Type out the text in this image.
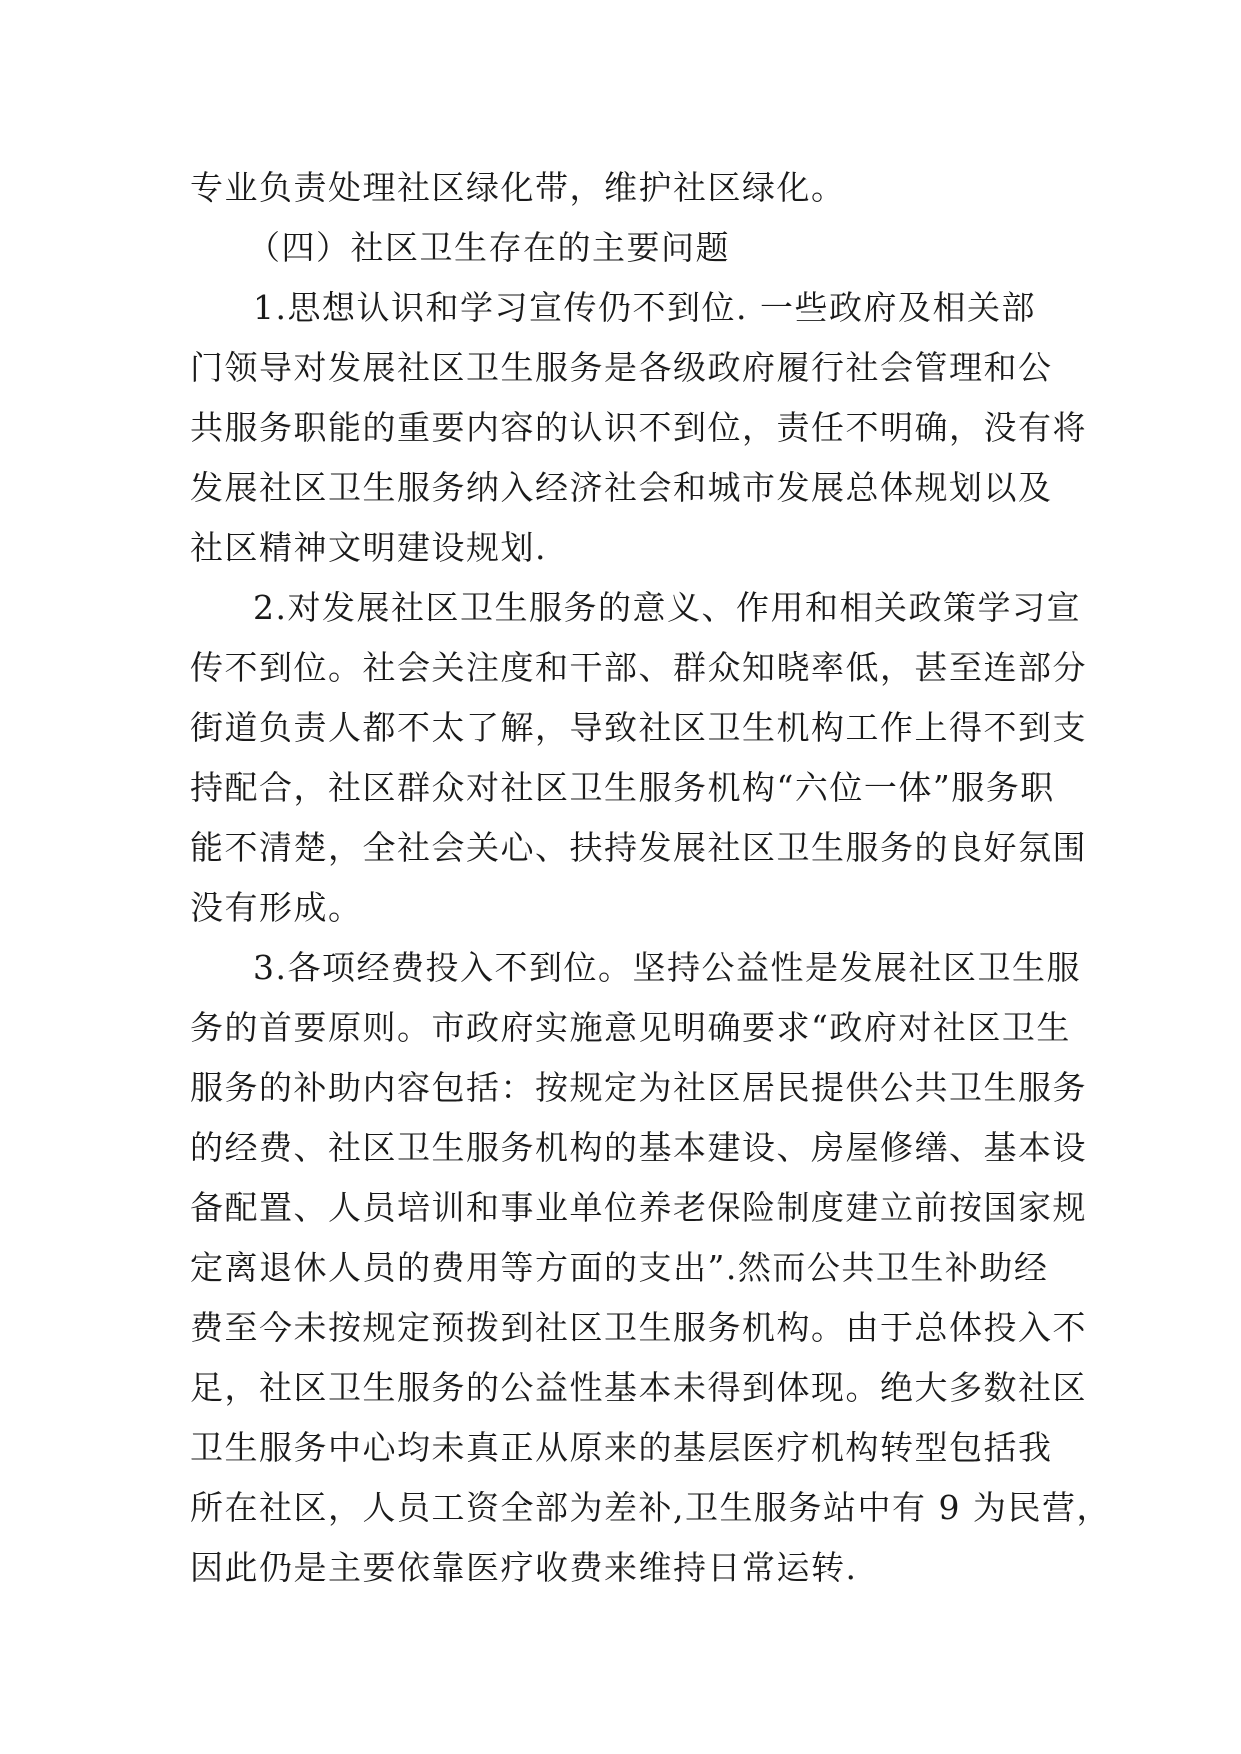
专业负责处理社区绿化带，维护社区绿化。
（四）社区卫生存在的主要问题
1.思想认识和学习宣传仍不到位. 一些政府及相关部
门领导对发展社区卫生服务是各级政府履行社会管理和公
共服务职能的重要内容的认识不到位，责任不明确，没有将
发展社区卫生服务纳入经济社会和城市发展总体规划以及
社区精神文明建设规划.
2.对发展社区卫生服务的意义、作用和相关政策学习宣
传不到位。社会关注度和干部、群众知晓率低，甚至连部分
街道负责人都不太了解，导致社区卫生机构工作上得不到支
持配合，社区群众对社区卫生服务机构“六位一体”服务职
能不清楚，全社会关心、扶持发展社区卫生服务的良好氛围
没有形成。
3.各项经费投入不到位。坚持公益性是发展社区卫生服
务的首要原则。市政府实施意见明确要求“政府对社区卫生
服务的补助内容包括：按规定为社区居民提供公共卫生服务
的经费、社区卫生服务机构的基本建设、房屋修缮、基本设
备配置、人员培训和事业单位养老保险制度建立前按国家规
定离退休人员的费用等方面的支出”.然而公共卫生补助经
费至今未按规定预拨到社区卫生服务机构。由于总体投入不
足，社区卫生服务的公益性基本未得到体现。绝大多数社区
卫生服务中心均未真正从原来的基层医疗机构转型包括我
所在社区，人员工资全部为差补,卫生服务站中有 9 为民营，
因此仍是主要依靠医疗收费来维持日常运转.
